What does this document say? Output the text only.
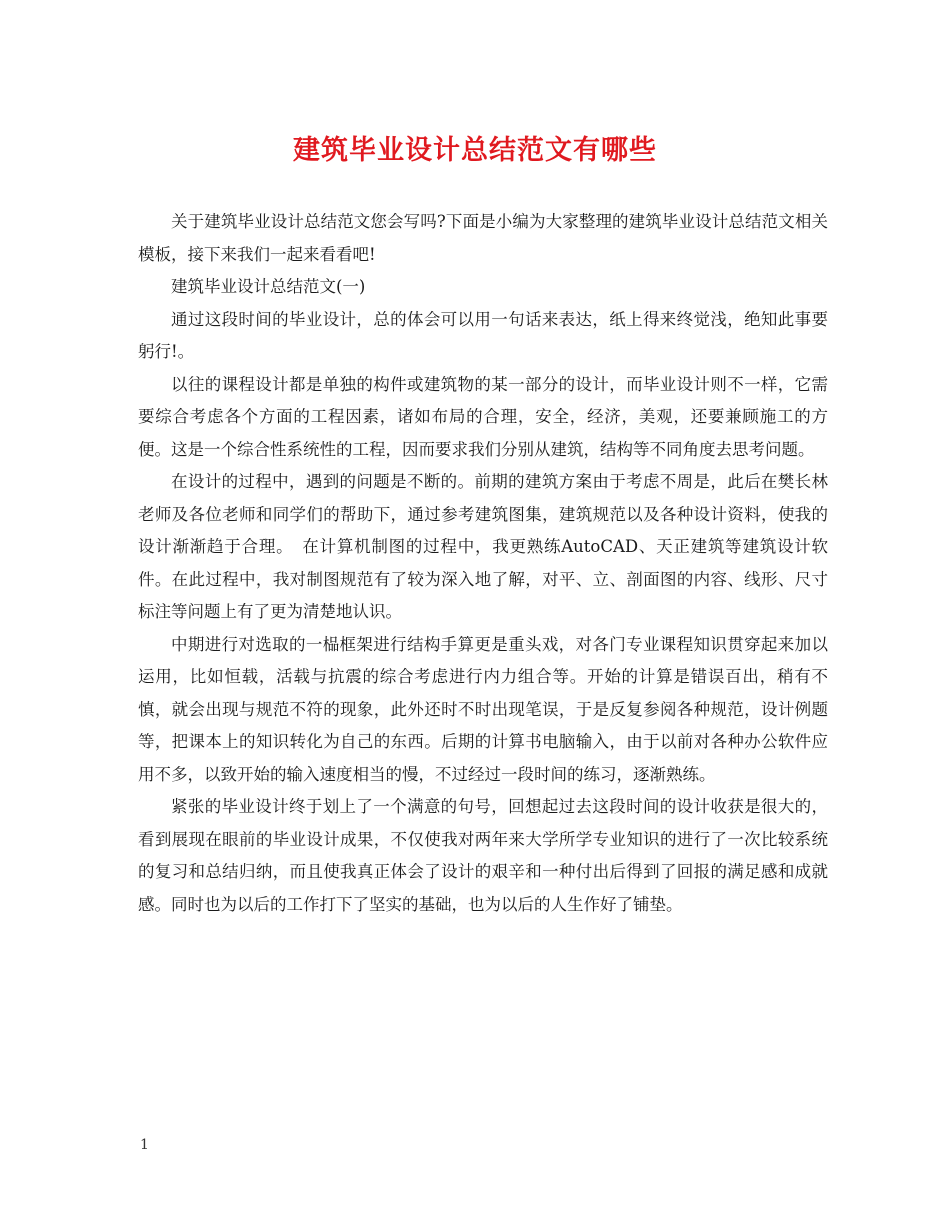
建筑毕业设计总结范文有哪些

关于建筑毕业设计总结范文您会写吗?下面是小编为大家整理的建筑毕业设计总结范文相关模板，接下来我们一起来看看吧!

建筑毕业设计总结范文(一)

通过这段时间的毕业设计，总的体会可以用一句话来表达，纸上得来终觉浅，绝知此事要躬行!。

以往的课程设计都是单独的构件或建筑物的某一部分的设计，而毕业设计则不一样，它需要综合考虑各个方面的工程因素，诸如布局的合理，安全，经济，美观，还要兼顾施工的方便。这是一个综合性系统性的工程，因而要求我们分别从建筑，结构等不同角度去思考问题。

在设计的过程中，遇到的问题是不断的。前期的建筑方案由于考虑不周是，此后在樊长林老师及各位老师和同学们的帮助下，通过参考建筑图集，建筑规范以及各种设计资料，使我的设计渐渐趋于合理。　在计算机制图的过程中，我更熟练AutoCAD、天正建筑等建筑设计软件。在此过程中，我对制图规范有了较为深入地了解，对平、立、剖面图的内容、线形、尺寸标注等问题上有了更为清楚地认识。

中期进行对选取的一榀框架进行结构手算更是重头戏，对各门专业课程知识贯穿起来加以运用，比如恒载，活载与抗震的综合考虑进行内力组合等。开始的计算是错误百出，稍有不慎，就会出现与规范不符的现象，此外还时不时出现笔误，于是反复参阅各种规范，设计例题等，把课本上的知识转化为自己的东西。后期的计算书电脑输入，由于以前对各种办公软件应用不多，以致开始的输入速度相当的慢，不过经过一段时间的练习，逐渐熟练。

紧张的毕业设计终于划上了一个满意的句号，回想起过去这段时间的设计收获是很大的，看到展现在眼前的毕业设计成果，不仅使我对两年来大学所学专业知识的进行了一次比较系统的复习和总结归纳，而且使我真正体会了设计的艰辛和一种付出后得到了回报的满足感和成就感。同时也为以后的工作打下了坚实的基础，也为以后的人生作好了铺垫。

1
